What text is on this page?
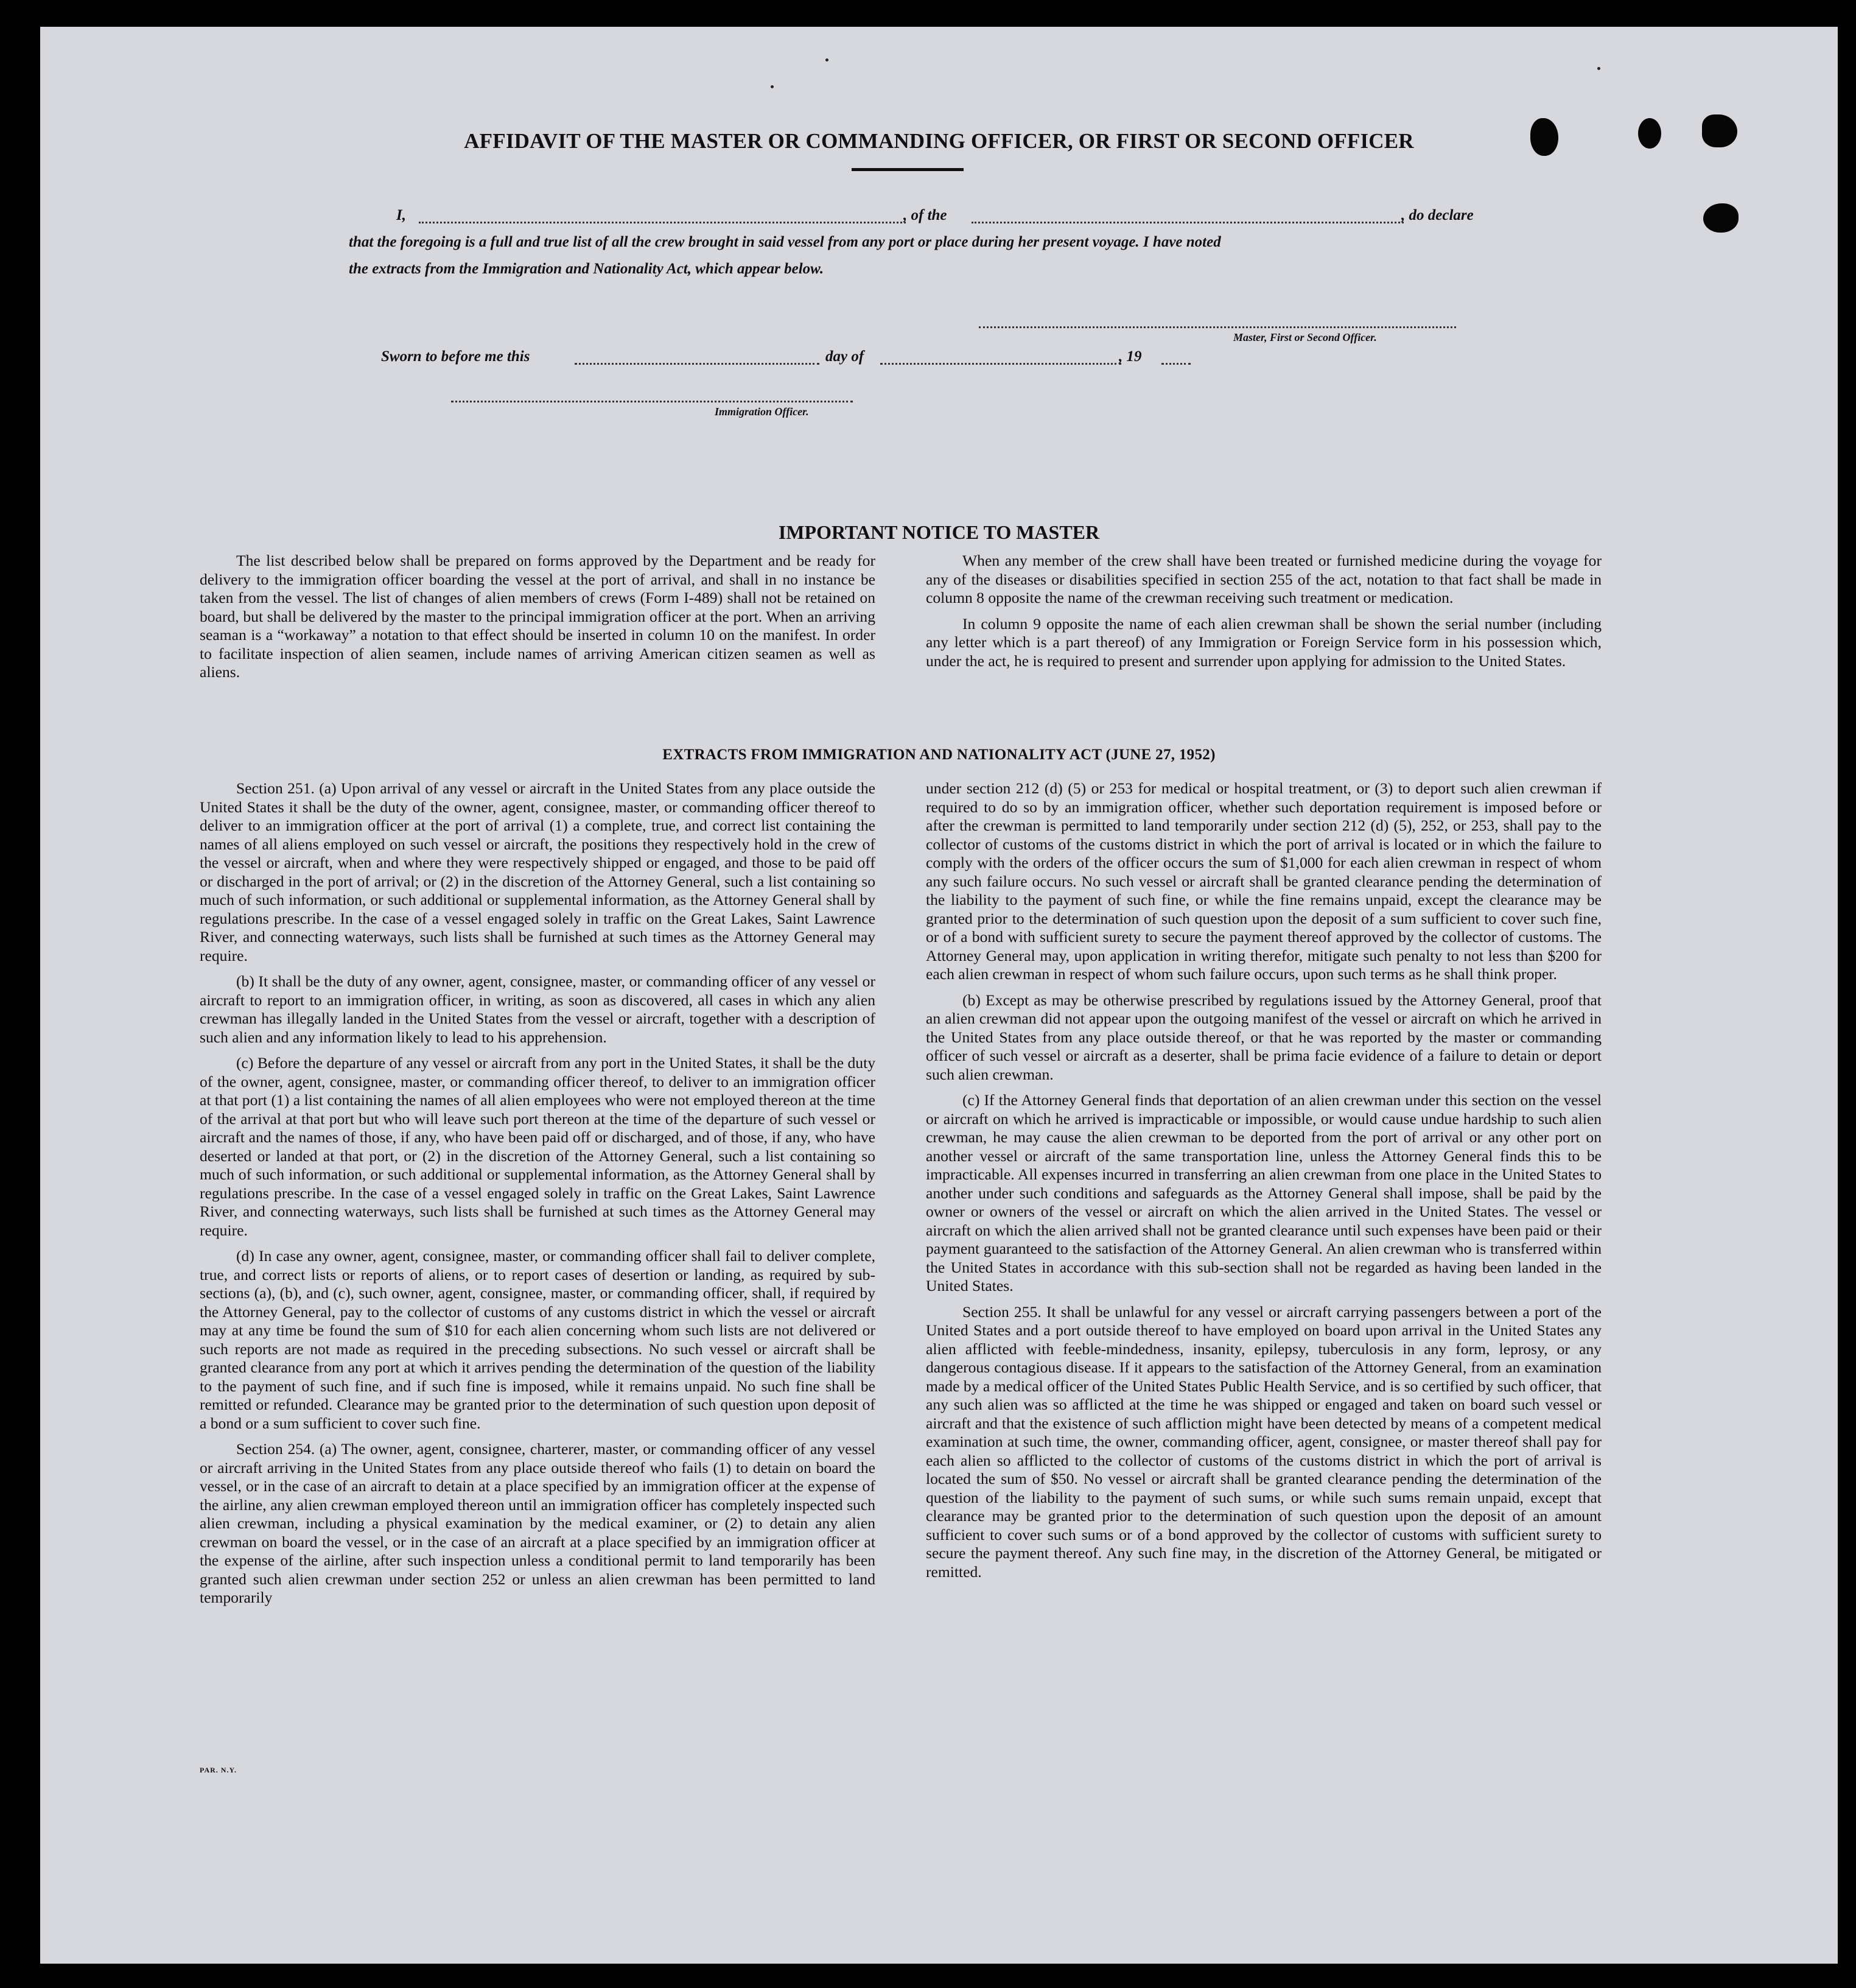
AFFIDAVIT OF THE MASTER OR COMMANDING OFFICER, OR FIRST OR SECOND OFFICER
I,	, of the	, do declare
that the foregoing is a full and true list of all the crew brought in said vessel from any port or place during her present voyage. I have noted
the extracts from the Immigration and Nationality Act, which appear below.
Master, First or Second Officer.
Sworn to before me this	day of	, 19
Immigration Officer.
IMPORTANT NOTICE TO MASTER

The list described below shall be prepared on forms approved by the Department and be ready for delivery to the immigration officer boarding the vessel at the port of arrival, and shall in no instance be taken from the vessel. The list of changes of alien members of crews (Form I-489) shall not be retained on board, but shall be delivered by the master to the principal immigration officer at the port. When an arriving seaman is a “workaway” a notation to that effect should be inserted in column 10 on the manifest. In order to facilitate inspection of alien seamen, include names of arriving American citizen seamen as well as aliens.

When any member of the crew shall have been treated or furnished medicine during the voyage for any of the diseases or disabilities specified in section 255 of the act, notation to that fact shall be made in column 8 opposite the name of the crewman receiving such treatment or medication.

In column 9 opposite the name of each alien crewman shall be shown the serial number (including any letter which is a part thereof) of any Immigration or Foreign Service form in his possession which, under the act, he is required to present and surrender upon applying for admission to the United States.

EXTRACTS FROM IMMIGRATION AND NATIONALITY ACT (JUNE 27, 1952)

Section 251. (a) Upon arrival of any vessel or aircraft in the United States from any place outside the United States it shall be the duty of the owner, agent, consignee, master, or commanding officer thereof to deliver to an immigration officer at the port of arrival (1) a complete, true, and correct list containing the names of all aliens employed on such vessel or aircraft, the positions they respectively hold in the crew of the vessel or aircraft, when and where they were respectively shipped or engaged, and those to be paid off or discharged in the port of arrival; or (2) in the discretion of the Attorney General, such a list containing so much of such information, or such additional or supplemental information, as the Attorney General shall by regulations prescribe. In the case of a vessel engaged solely in traffic on the Great Lakes, Saint Lawrence River, and connecting waterways, such lists shall be furnished at such times as the Attorney General may require.

(b) It shall be the duty of any owner, agent, consignee, master, or commanding officer of any vessel or aircraft to report to an immigration officer, in writing, as soon as discovered, all cases in which any alien crewman has illegally landed in the United States from the vessel or aircraft, together with a description of such alien and any information likely to lead to his apprehension.

(c) Before the departure of any vessel or aircraft from any port in the United States, it shall be the duty of the owner, agent, consignee, master, or commanding officer thereof, to deliver to an immigration officer at that port (1) a list containing the names of all alien employees who were not employed thereon at the time of the arrival at that port but who will leave such port thereon at the time of the departure of such vessel or aircraft and the names of those, if any, who have been paid off or discharged, and of those, if any, who have deserted or landed at that port, or (2) in the discretion of the Attorney General, such a list containing so much of such information, or such additional or supplemental information, as the Attorney General shall by regulations prescribe. In the case of a vessel engaged solely in traffic on the Great Lakes, Saint Lawrence River, and connecting waterways, such lists shall be furnished at such times as the Attorney General may require.

(d) In case any owner, agent, consignee, master, or commanding officer shall fail to deliver complete, true, and correct lists or reports of aliens, or to report cases of desertion or landing, as required by sub-sections (a), (b), and (c), such owner, agent, consignee, master, or commanding officer, shall, if required by the Attorney General, pay to the collector of customs of any customs district in which the vessel or aircraft may at any time be found the sum of $10 for each alien concerning whom such lists are not delivered or such reports are not made as required in the preceding subsections. No such vessel or aircraft shall be granted clearance from any port at which it arrives pending the determination of the question of the liability to the payment of such fine, and if such fine is imposed, while it remains unpaid. No such fine shall be remitted or refunded. Clearance may be granted prior to the determination of such question upon deposit of a bond or a sum sufficient to cover such fine.

Section 254. (a) The owner, agent, consignee, charterer, master, or commanding officer of any vessel or aircraft arriving in the United States from any place outside thereof who fails (1) to detain on board the vessel, or in the case of an aircraft to detain at a place specified by an immigration officer at the expense of the airline, any alien crewman employed thereon until an immigration officer has completely inspected such alien crewman, including a physical examination by the medical examiner, or (2) to detain any alien crewman on board the vessel, or in the case of an aircraft at a place specified by an immigration officer at the expense of the airline, after such inspection unless a conditional permit to land temporarily has been granted such alien crewman under section 252 or unless an alien crewman has been permitted to land temporarily

under section 212 (d) (5) or 253 for medical or hospital treatment, or (3) to deport such alien crewman if required to do so by an immigration officer, whether such deportation requirement is imposed before or after the crewman is permitted to land temporarily under section 212 (d) (5), 252, or 253, shall pay to the collector of customs of the customs district in which the port of arrival is located or in which the failure to comply with the orders of the officer occurs the sum of $1,000 for each alien crewman in respect of whom any such failure occurs. No such vessel or aircraft shall be granted clearance pending the determination of the liability to the payment of such fine, or while the fine remains unpaid, except the clearance may be granted prior to the determination of such question upon the deposit of a sum sufficient to cover such fine, or of a bond with sufficient surety to secure the payment thereof approved by the collector of customs. The Attorney General may, upon application in writing therefor, mitigate such penalty to not less than $200 for each alien crewman in respect of whom such failure occurs, upon such terms as he shall think proper.

(b) Except as may be otherwise prescribed by regulations issued by the Attorney General, proof that an alien crewman did not appear upon the outgoing manifest of the vessel or aircraft on which he arrived in the United States from any place outside thereof, or that he was reported by the master or commanding officer of such vessel or aircraft as a deserter, shall be prima facie evidence of a failure to detain or deport such alien crewman.

(c) If the Attorney General finds that deportation of an alien crewman under this section on the vessel or aircraft on which he arrived is impracticable or impossible, or would cause undue hardship to such alien crewman, he may cause the alien crewman to be deported from the port of arrival or any other port on another vessel or aircraft of the same transportation line, unless the Attorney General finds this to be impracticable. All expenses incurred in transferring an alien crewman from one place in the United States to another under such conditions and safeguards as the Attorney General shall impose, shall be paid by the owner or owners of the vessel or aircraft on which the alien arrived in the United States. The vessel or aircraft on which the alien arrived shall not be granted clearance until such expenses have been paid or their payment guaranteed to the satisfaction of the Attorney General. An alien crewman who is transferred within the United States in accordance with this sub-section shall not be regarded as having been landed in the United States.

Section 255. It shall be unlawful for any vessel or aircraft carrying passengers between a port of the United States and a port outside thereof to have employed on board upon arrival in the United States any alien afflicted with feeble-mindedness, insanity, epilepsy, tuberculosis in any form, leprosy, or any dangerous contagious disease. If it appears to the satisfaction of the Attorney General, from an examination made by a medical officer of the United States Public Health Service, and is so certified by such officer, that any such alien was so afflicted at the time he was shipped or engaged and taken on board such vessel or aircraft and that the existence of such affliction might have been detected by means of a competent medical examination at such time, the owner, commanding officer, agent, consignee, or master thereof shall pay for each alien so afflicted to the collector of customs of the customs district in which the port of arrival is located the sum of $50. No vessel or aircraft shall be granted clearance pending the determination of the question of the liability to the payment of such sums, or while such sums remain unpaid, except that clearance may be granted prior to the determination of such question upon the deposit of an amount sufficient to cover such sums or of a bond approved by the collector of customs with sufficient surety to secure the payment thereof. Any such fine may, in the discretion of the Attorney General, be mitigated or remitted.

PAR. N.Y.
